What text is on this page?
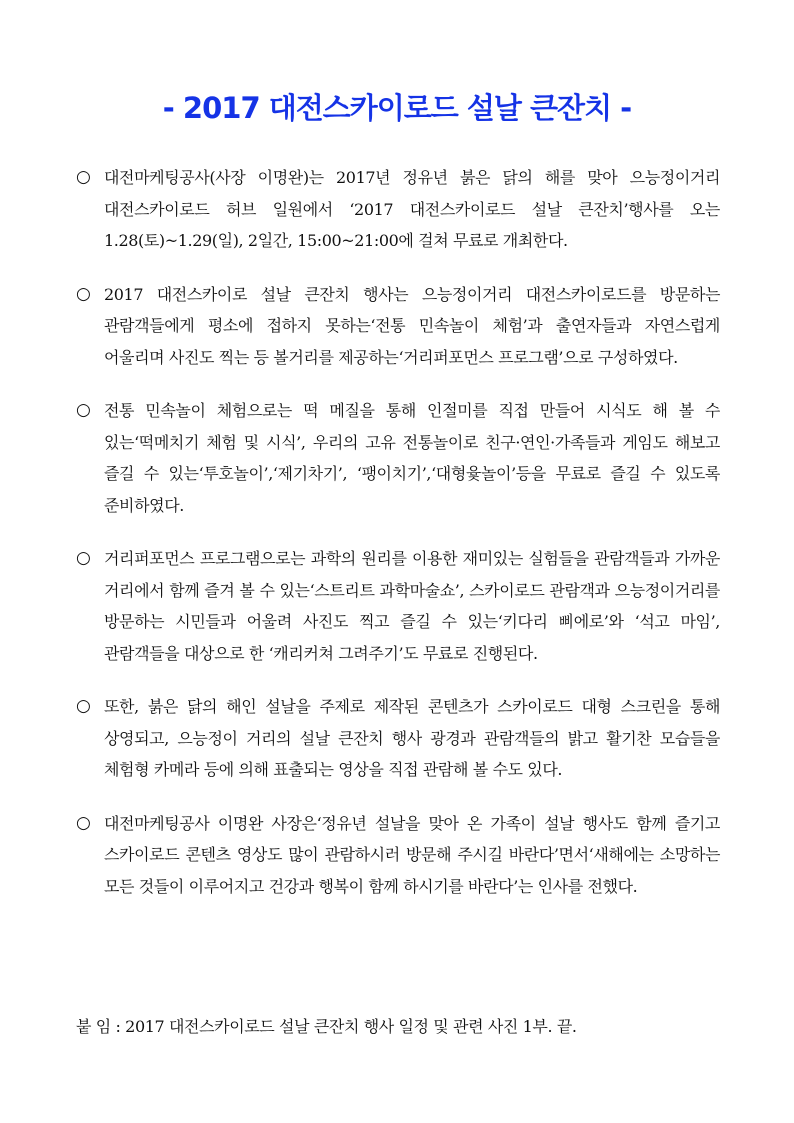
- 2017 대전스카이로드 설날 큰잔치 -
○ 대전마케팅공사(사장 이명완)는 2017년 정유년 붉은 닭의 해를 맞아 으능정이거리 대전스카이로드 허브 일원에서 ‘2017 대전스카이로드 설날 큰잔치’행사를 오는 1.28(토)~1.29(일), 2일간, 15:00~21:00에 걸쳐 무료로 개최한다.
○ 2017 대전스카이로 설날 큰잔치 행사는 으능정이거리 대전스카이로드를 방문하는 관람객들에게 평소에 접하지 못하는‘전통 민속놀이 체험’과 출연자들과 자연스럽게 어울리며 사진도 찍는 등 볼거리를 제공하는‘거리퍼포먼스 프로그램’으로 구성하였다.
○ 전통 민속놀이 체험으로는 떡 메질을 통해 인절미를 직접 만들어 시식도 해 볼 수 있는‘떡메치기 체험 및 시식’, 우리의 고유 전통놀이로 친구·연인·가족들과 게임도 해보고 즐길 수 있는‘투호놀이’,‘제기차기’, ‘팽이치기’,‘대형윷놀이’등을 무료로 즐길 수 있도록 준비하였다.
○ 거리퍼포먼스 프로그램으로는 과학의 원리를 이용한 재미있는 실험들을 관람객들과 가까운 거리에서 함께 즐겨 볼 수 있는‘스트리트 과학마술쇼’, 스카이로드 관람객과 으능정이거리를 방문하는 시민들과 어울려 사진도 찍고 즐길 수 있는‘키다리 삐에로’와 ‘석고 마임’, 관람객들을 대상으로 한 ‘캐리커쳐 그려주기’도 무료로 진행된다.
○ 또한, 붉은 닭의 해인 설날을 주제로 제작된 콘텐츠가 스카이로드 대형 스크린을 통해 상영되고, 으능정이 거리의 설날 큰잔치 행사 광경과 관람객들의 밝고 활기찬 모습들을 체험형 카메라 등에 의해 표출되는 영상을 직접 관람해 볼 수도 있다.
○ 대전마케팅공사 이명완 사장은‘정유년 설날을 맞아 온 가족이 설날 행사도 함께 즐기고 스카이로드 콘텐츠 영상도 많이 관람하시러 방문해 주시길 바란다’면서‘새해에는 소망하는 모든 것들이 이루어지고 건강과 행복이 함께 하시기를 바란다’는 인사를 전했다.
붙 임 : 2017 대전스카이로드 설날 큰잔치 행사 일정 및 관련 사진 1부. 끝.
